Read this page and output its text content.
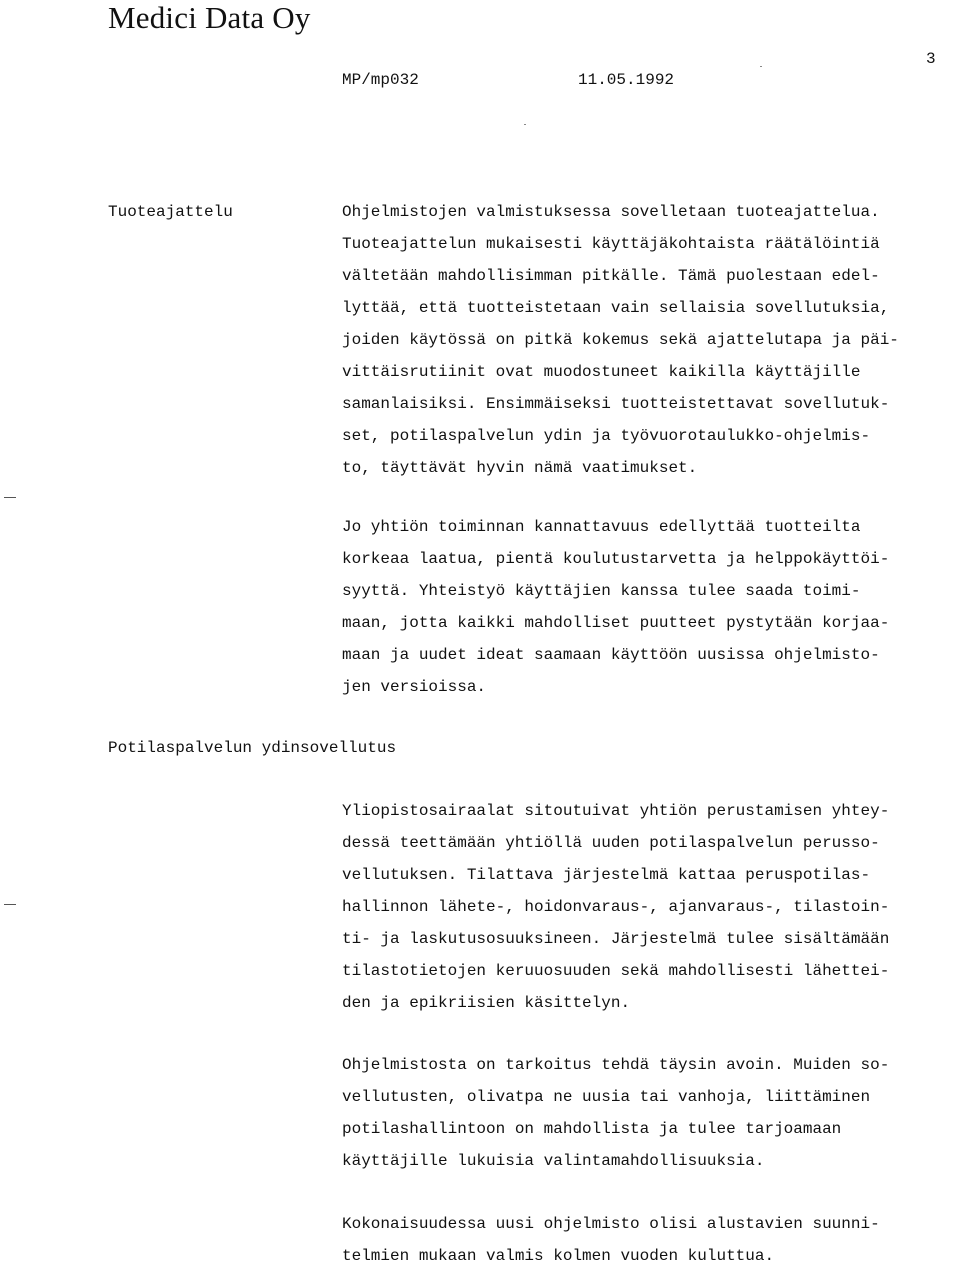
Medici Data Oy
3
MP/mp032	11.05.1992
Tuoteajattelu	Ohjelmistojen valmistuksessa sovelletaan tuoteajattelua.
Tuoteajattelun mukaisesti käyttäjäkohtaista räätälöintiä
vältetään mahdollisimman pitkälle. Tämä puolestaan edel-
lyttää, että tuotteistetaan vain sellaisia sovellutuksia,
joiden käytössä on pitkä kokemus sekä ajattelutapa ja päi-
vittäisrutiinit ovat muodostuneet kaikilla käyttäjille
samanlaisiksi. Ensimmäiseksi tuotteistettavat sovellutuk-
set, potilaspalvelun ydin ja työvuorotaulukko-ohjelmis-
to, täyttävät hyvin nämä vaatimukset.
Jo yhtiön toiminnan kannattavuus edellyttää tuotteilta
korkeaa laatua, pientä koulutustarvetta ja helppokäyttöi-
syyttä. Yhteistyö käyttäjien kanssa tulee saada toimi-
maan, jotta kaikki mahdolliset puutteet pystytään korjaa-
maan ja uudet ideat saamaan käyttöön uusissa ohjelmisto-
jen versioissa.
Potilaspalvelun ydinsovellutus
Yliopistosairaalat sitoutuivat yhtiön perustamisen yhtey-
dessä teettämään yhtiöllä uuden potilaspalvelun perusso-
vellutuksen. Tilattava järjestelmä kattaa peruspotilas-
hallinnon lähete-, hoidonvaraus-, ajanvaraus-, tilastoin-
ti- ja laskutusosuuksineen. Järjestelmä tulee sisältämään
tilastotietojen keruuosuuden sekä mahdollisesti lähettei-
den ja epikriisien käsittelyn.
Ohjelmistosta on tarkoitus tehdä täysin avoin. Muiden so-
vellutusten, olivatpa ne uusia tai vanhoja, liittäminen
potilashallintoon on mahdollista ja tulee tarjoamaan
käyttäjille lukuisia valintamahdollisuuksia.
Kokonaisuudessa uusi ohjelmisto olisi alustavien suunni-
telmien mukaan valmis kolmen vuoden kuluttua.
